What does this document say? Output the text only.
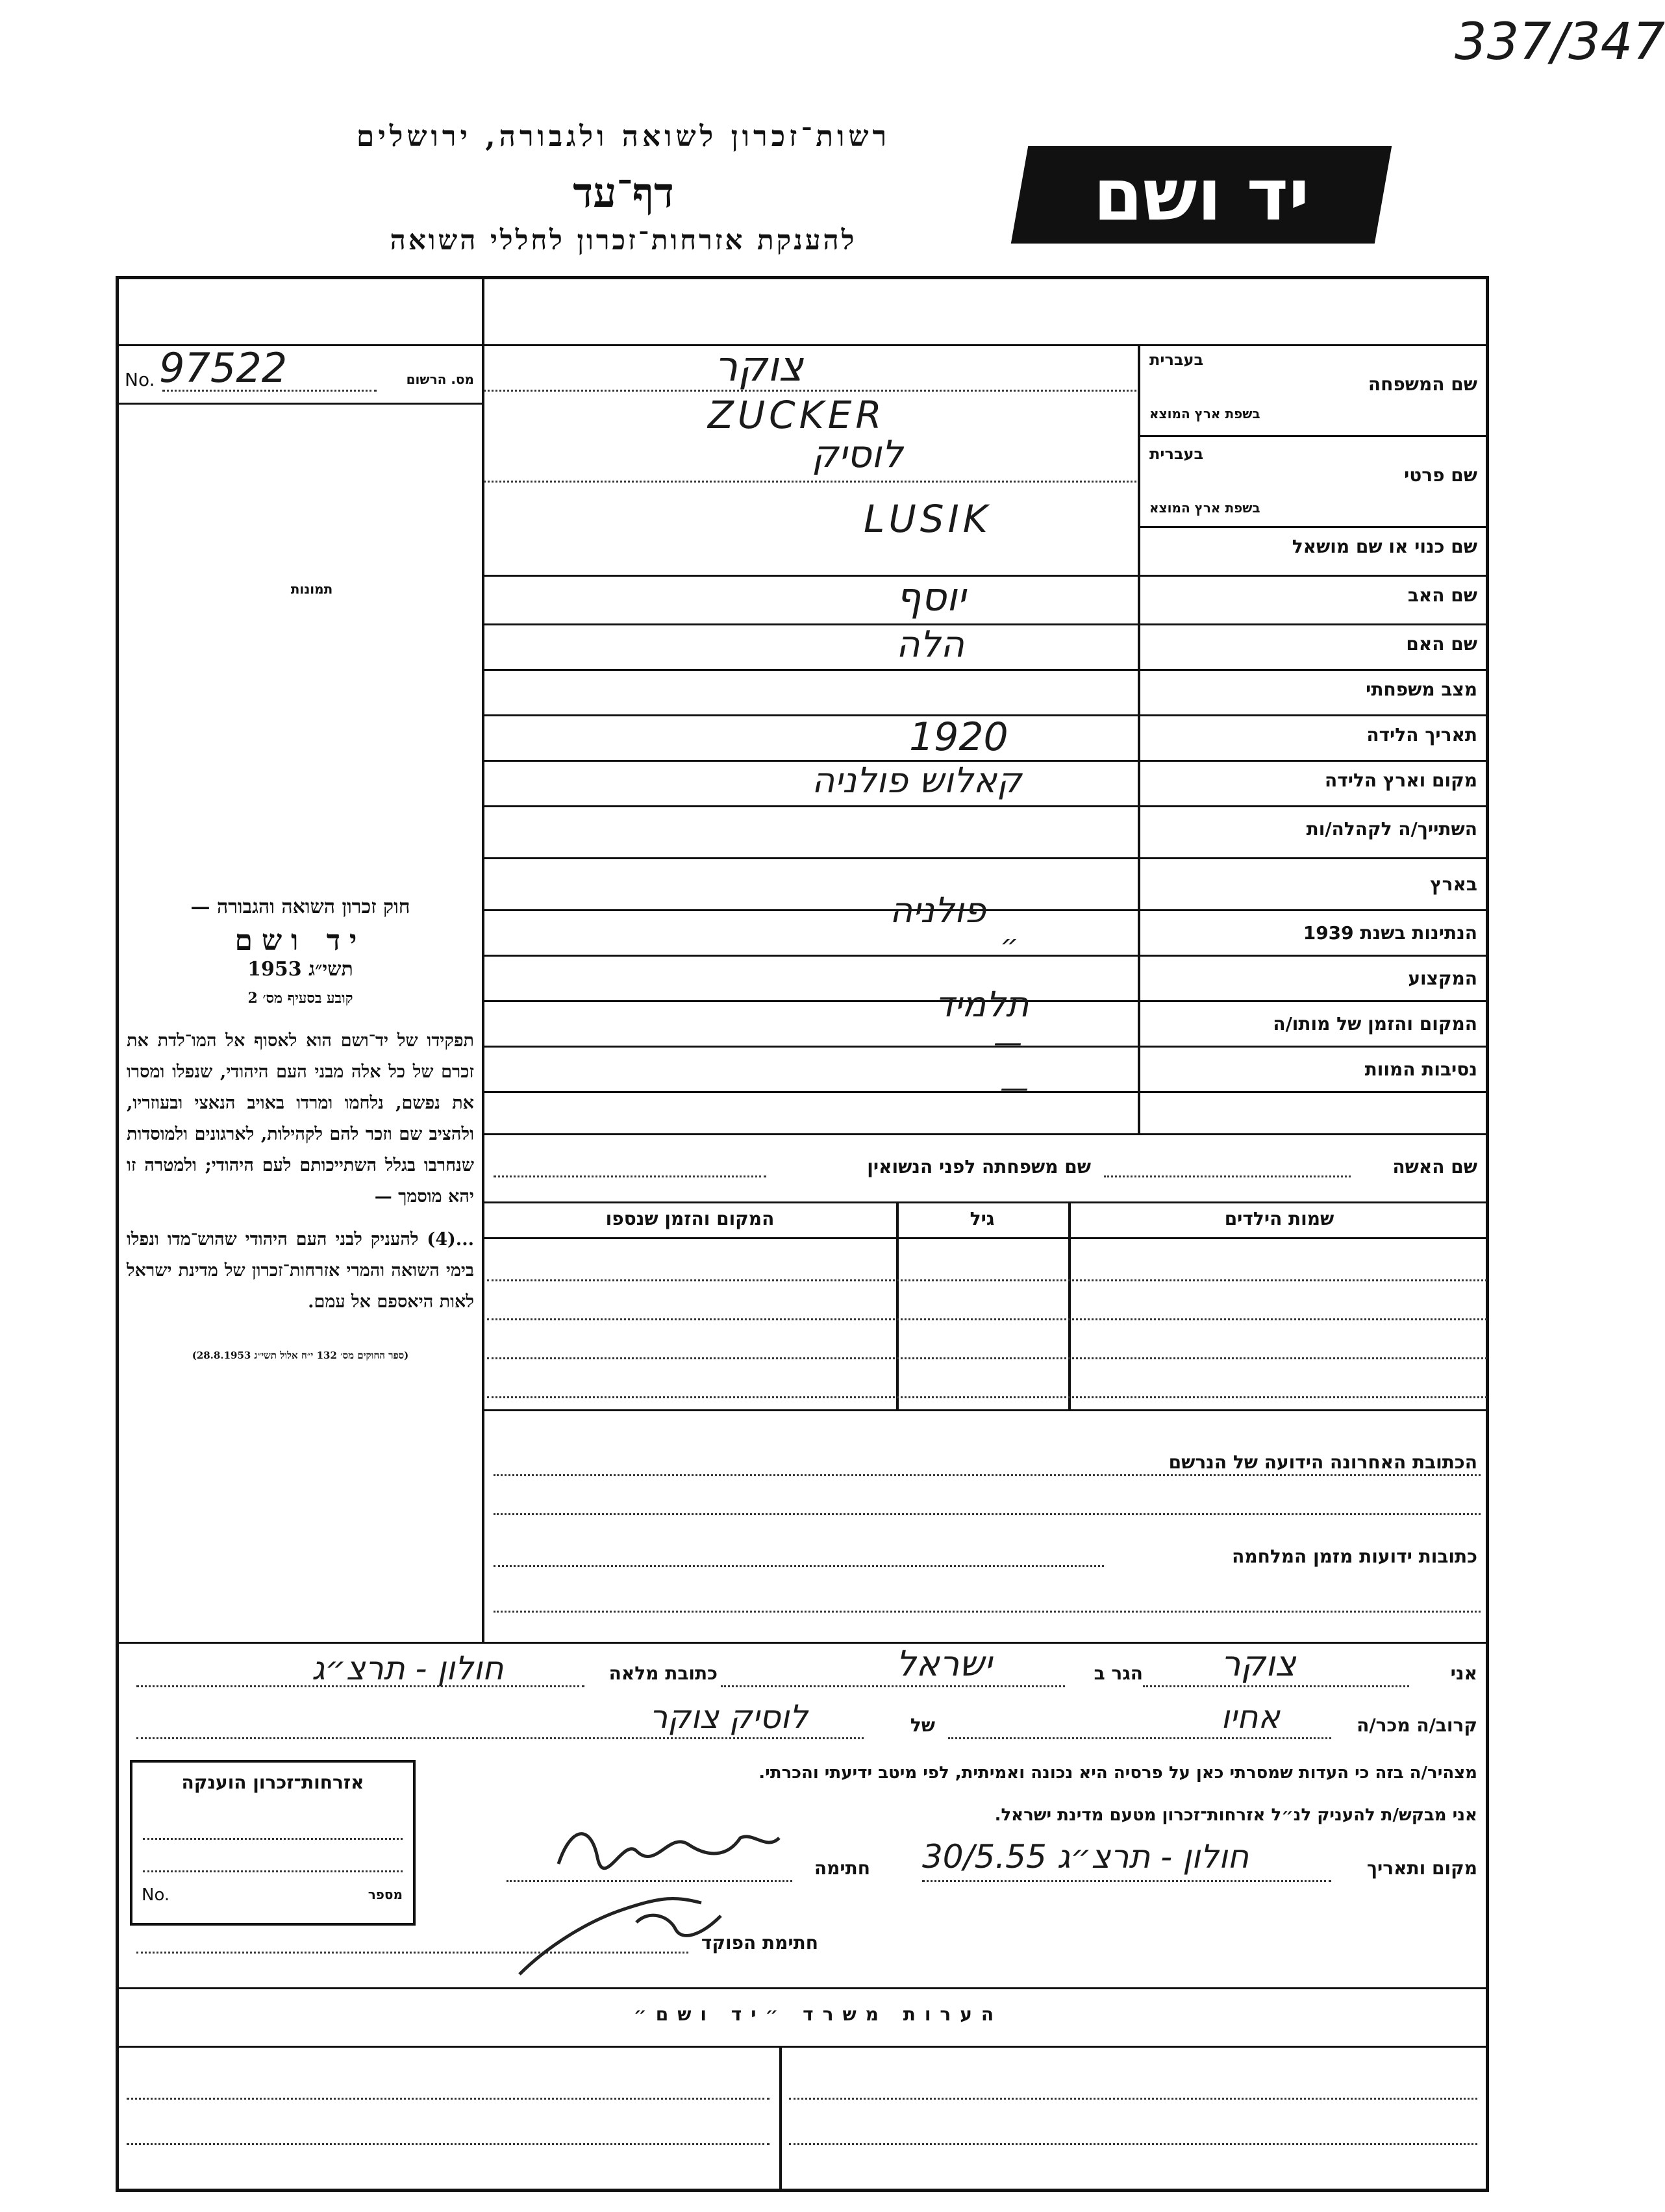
337/347
רשות־זכרון לשואה ולגבורה, ירושלים
דף־עד
להענקת אזרחות־זכרון לחללי השואה
יד ושם
No. 97522	מס. הרשום
תמונות
חוק זכרון השואה והגבורה —
יד ושם
תשי״ג 1953
קובע בסעיף מס׳ 2
תפקידו של יד־ושם הוא לאסוף אל המו־לדת את זכרם של כל אלה מבני העם היהודי, שנפלו ומסרו את נפשם, נלחמו ומרדו באויב הנאצי ובעוזריו, ולהציב שם וזכר להם לקהילות, לארגונים ולמוסדות שנחרבו בגלל השתייכותם לעם היהודי; ולמטרה זו יהא מוסמך —
...(4) להעניק לבני העם היהודי שהוש־מדו ונפלו בימי השואה והמרי אזרחות־זכרון של מדינת ישראל לאות היאספם אל עמם.
(ספר החוקים מס׳ 132 י״ח אלול תשי״ג 28.8.1953)
שם המשפחה
בעברית
בשפת ארץ המוצא
צוקר
ZUCKER
שם פרטי
בעברית
בשפת ארץ המוצא
לוסיק
LUSIK
שם כנוי או שם מושאל
שם האב
יוסף
שם האם
הלה
מצב משפחתי
תאריך הלידה
1920
מקום וארץ הלידה
קאלוש פולניה
השתייך/ה לקהלה/ות
בארץ
פולניה
הנתינות בשנת 1939
״
המקצוע
תלמיד	המקום והזמן של מותו/ה
—
נסיבות המוות
—
שם האשה
שם משפחתה לפני הנשואין
שמות הילדים
גיל
המקום והזמן שנספו
הכתובת האחרונה הידועה של הנרשם
כתובות ידועות מזמן המלחמה
אני
צוקר
הגר ב
ישראל
כתובת מלאה
חולון - תרצ״ג
קרוב/ה מכר/ה
אחיו
של
לוסיק צוקר
מצהיר/ה בזה כי העדות שמסרתי כאן על פרסיה היא נכונה ואמיתית, לפי מיטב ידיעתי והכרתי.
אני מבקש/ת להעניק לנ״ל אזרחות־זכרון מטעם מדינת ישראל.
מקום ותאריך
חולון - תרצ״ג 30/5.55
חתימה
חתימת הפוקד
אזרחות־זכרון הוענקה
מספר
No.
הערות משרד ״יד ושם״
